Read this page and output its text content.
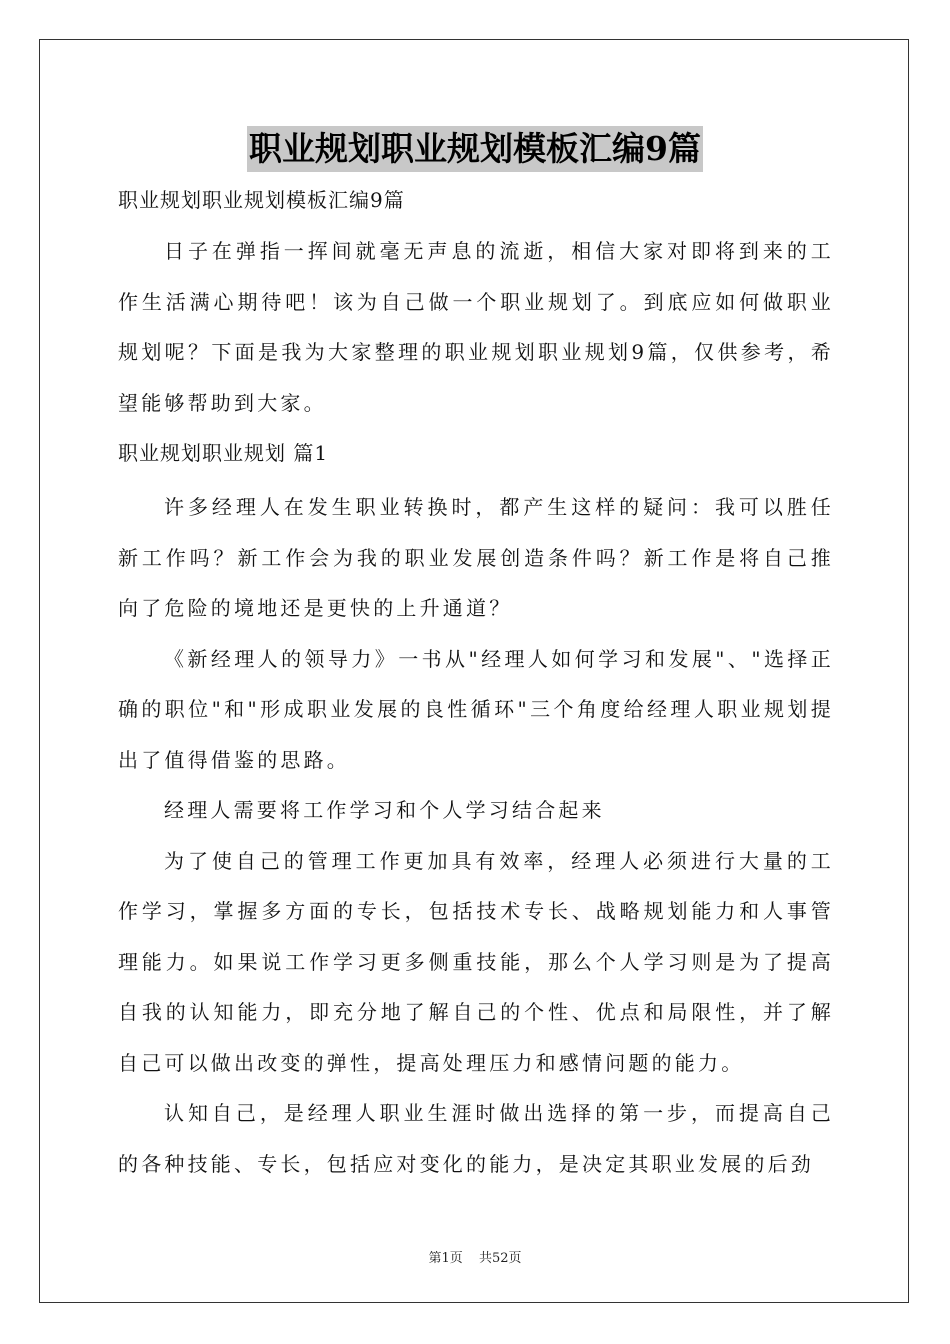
职业规划职业规划模板汇编9篇

职业规划职业规划模板汇编9篇

日子在弹指一挥间就毫无声息的流逝，相信大家对即将到来的工作生活满心期待吧！该为自己做一个职业规划了。到底应如何做职业规划呢？下面是我为大家整理的职业规划职业规划9篇，仅供参考，希望能够帮助到大家。

职业规划职业规划 篇1

许多经理人在发生职业转换时，都产生这样的疑问：我可以胜任新工作吗？新工作会为我的职业发展创造条件吗？新工作是将自己推向了危险的境地还是更快的上升通道？

《新经理人的领导力》一书从"经理人如何学习和发展"、"选择正确的职位"和"形成职业发展的良性循环"三个角度给经理人职业规划提出了值得借鉴的思路。

经理人需要将工作学习和个人学习结合起来

为了使自己的管理工作更加具有效率，经理人必须进行大量的工作学习，掌握多方面的专长，包括技术专长、战略规划能力和人事管理能力。如果说工作学习更多侧重技能，那么个人学习则是为了提高自我的认知能力，即充分地了解自己的个性、优点和局限性，并了解自己可以做出改变的弹性，提高处理压力和感情问题的能力。

认知自己，是经理人职业生涯时做出选择的第一步，而提高自己的各种技能、专长，包括应对变化的能力，是决定其职业发展的后劲

第1页 共52页
